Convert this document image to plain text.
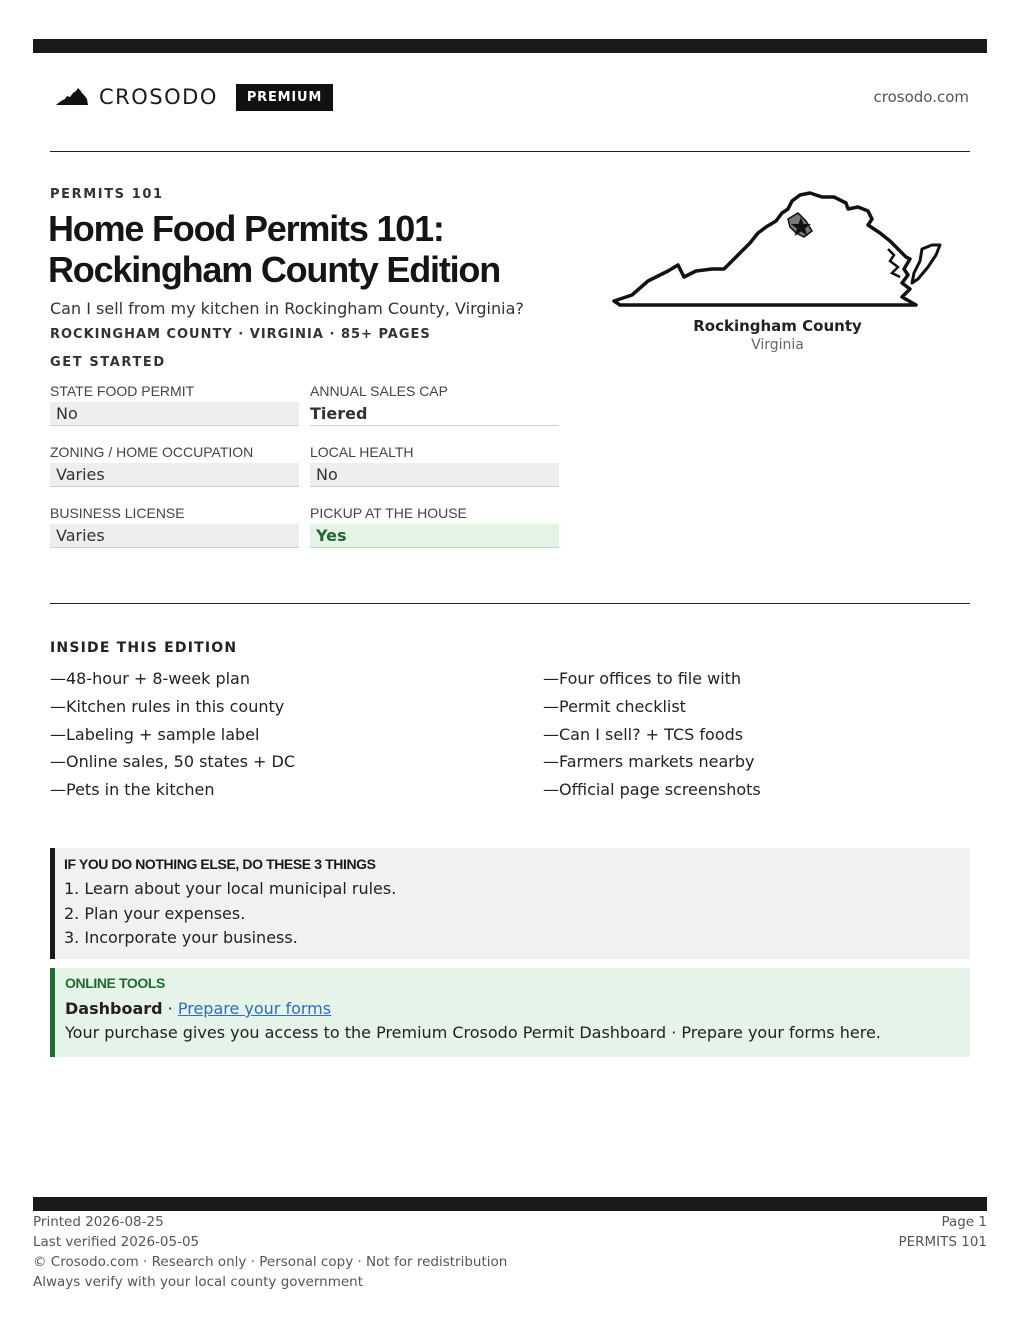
CROSODO	PREMIUM	crosodo.com
PERMITS 101
Home Food Permits 101:
Rockingham County Edition
Can I sell from my kitchen in Rockingham County, Virginia?
ROCKINGHAM COUNTY · VIRGINIA · 85+ PAGES
GET STARTED
STATE FOOD PERMIT
No
ANNUAL SALES CAP
Tiered
ZONING / HOME OCCUPATION
Varies
LOCAL HEALTH
No
BUSINESS LICENSE
Varies
PICKUP AT THE HOUSE
Yes
Rockingham County
Virginia
INSIDE THIS EDITION
—48-hour + 8-week plan
—Kitchen rules in this county
—Labeling + sample label
—Online sales, 50 states + DC
—Pets in the kitchen
—Four offices to file with
—Permit checklist
—Can I sell? + TCS foods
—Farmers markets nearby
—Official page screenshots
IF YOU DO NOTHING ELSE, DO THESE 3 THINGS
1. Learn about your local municipal rules.
2. Plan your expenses.
3. Incorporate your business.
ONLINE TOOLS
Dashboard · Prepare your forms
Your purchase gives you access to the Premium Crosodo Permit Dashboard · Prepare your forms here.
Printed 2026-08-25
Last verified 2026-05-05
© Crosodo.com · Research only · Personal copy · Not for redistribution
Always verify with your local county government
Page 1
PERMITS 101
